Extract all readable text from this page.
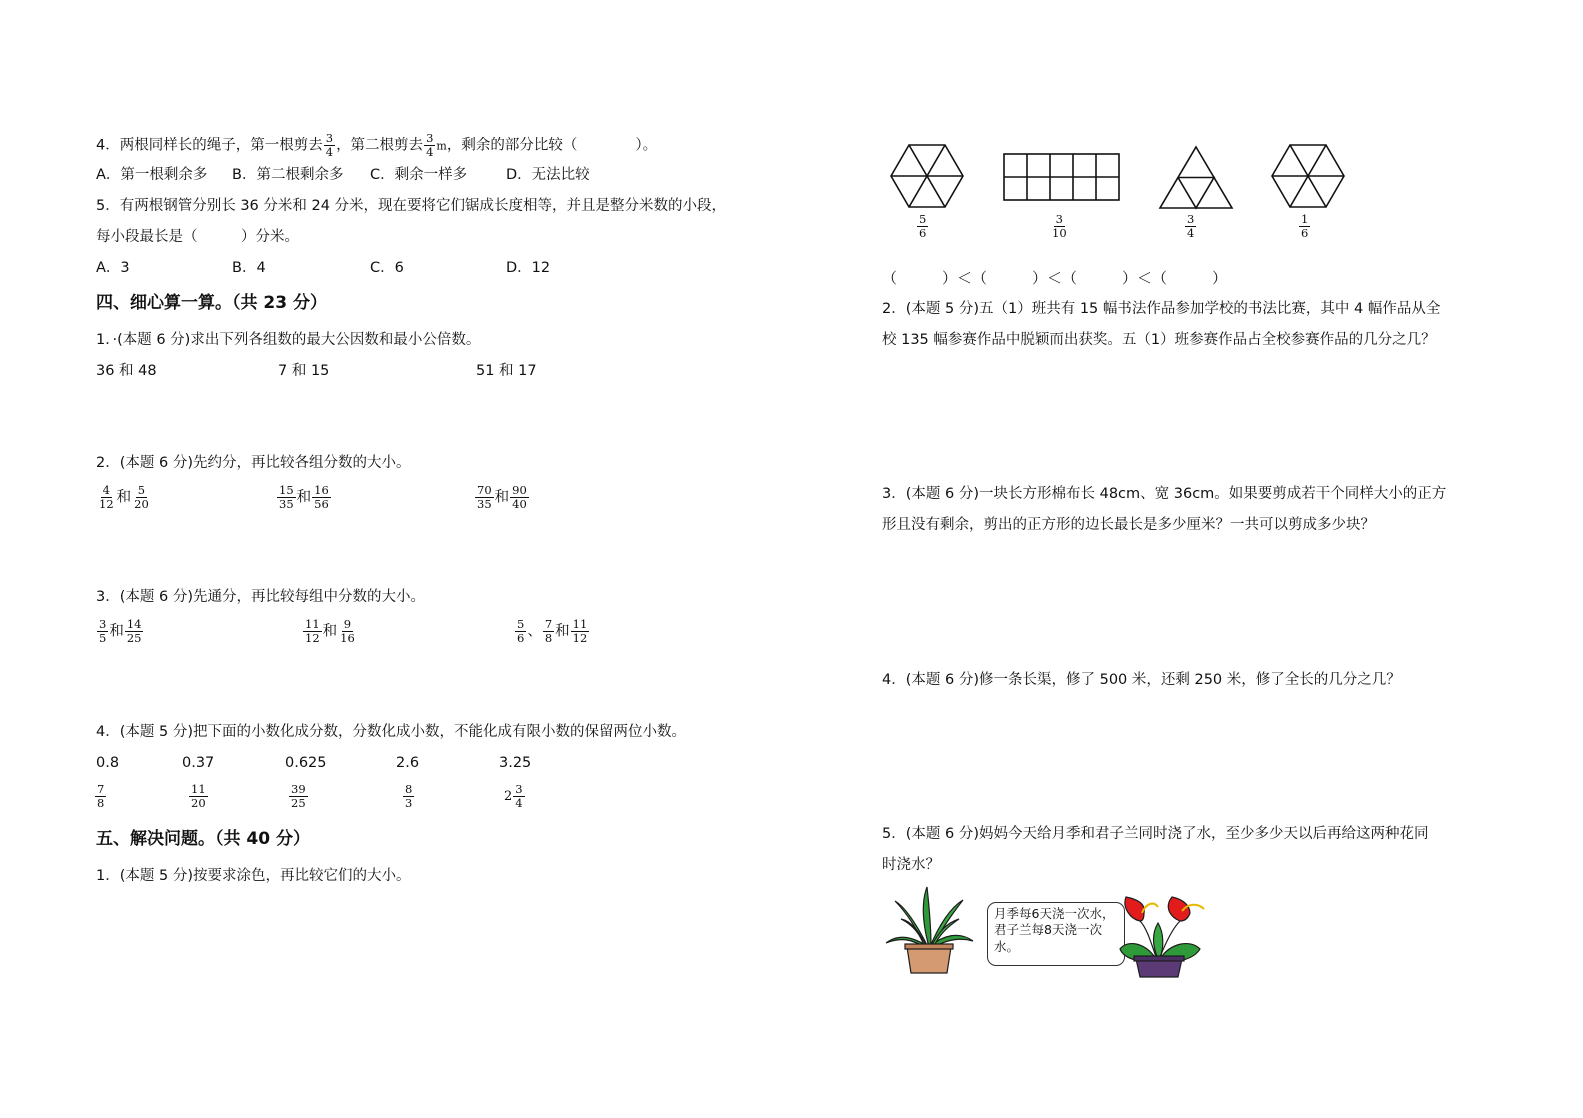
4．两根同样长的绳子，第一根剪去 $\frac{3}{4}$ ，第二根剪去 $\frac{3}{4}$ m，剩余的部分比较（　　　　）。
A．第一根剩余多 B．第二根剩余多 C．剩余一样多	D．无法比较
5．有两根钢管分别长 36 分米和 24 分米，现在要将它们锯成长度相等，并且是整分米数的小段，
每小段最长是（　　　）分米。
A．3	B．4	C．6	D．12
四、细心算一算。（共 23 分）
1．·(本题 6 分)求出下列各组数的最大公因数和最小公倍数。
36 和 48	7 和 15	51 和 17
2．(本题 6 分)先约分，再比较各组分数的大小。
$\frac{4}{12}$ 和 $\frac{5}{20}$	$\frac{15}{35}$ 和 $\frac{16}{56}$	$\frac{70}{35}$ 和 $\frac{90}{40}$
3．(本题 6 分)先通分，再比较每组中分数的大小。
$\frac{3}{5}$ 和 $\frac{14}{25}$	$\frac{11}{12}$ 和 $\frac{9}{16}$	$\frac{5}{6}$ 、 $\frac{7}{8}$ 和 $\frac{11}{12}$
4．(本题 5 分)把下面的小数化成分数，分数化成小数，不能化成有限小数的保留两位小数。
0.8	0.37	0.625	2.6	3.25
$\frac{7}{8}$	$\frac{11}{20}$	$\frac{39}{25}$	$\frac{8}{3}$	$2 \frac{3}{4}$
五、解决问题。（共 40 分）
1．(本题 5 分)按要求涂色，再比较它们的大小。
$\frac{5}{6}$	$\frac{3}{10}$	$\frac{3}{4}$	$\frac{1}{6}$
（　　　）＜（　　　）＜（　　　）＜（　　　）
2．(本题 5 分)五（1）班共有 15 幅书法作品参加学校的书法比赛，其中 4 幅作品从全
校 135 幅参赛作品中脱颖而出获奖。五（1）班参赛作品占全校参赛作品的几分之几？
3．(本题 6 分)一块长方形棉布长 48cm、宽 36cm。如果要剪成若干个同样大小的正方
形且没有剩余，剪出的正方形的边长最长是多少厘米？一共可以剪成多少块？
4．(本题 6 分)修一条长渠，修了 500 米，还剩 250 米，修了全长的几分之几？
5．(本题 6 分)妈妈今天给月季和君子兰同时浇了水，至少多少天以后再给这两种花同
时浇水？
月季每6天浇一次水，君子兰每8天浇一次水。
